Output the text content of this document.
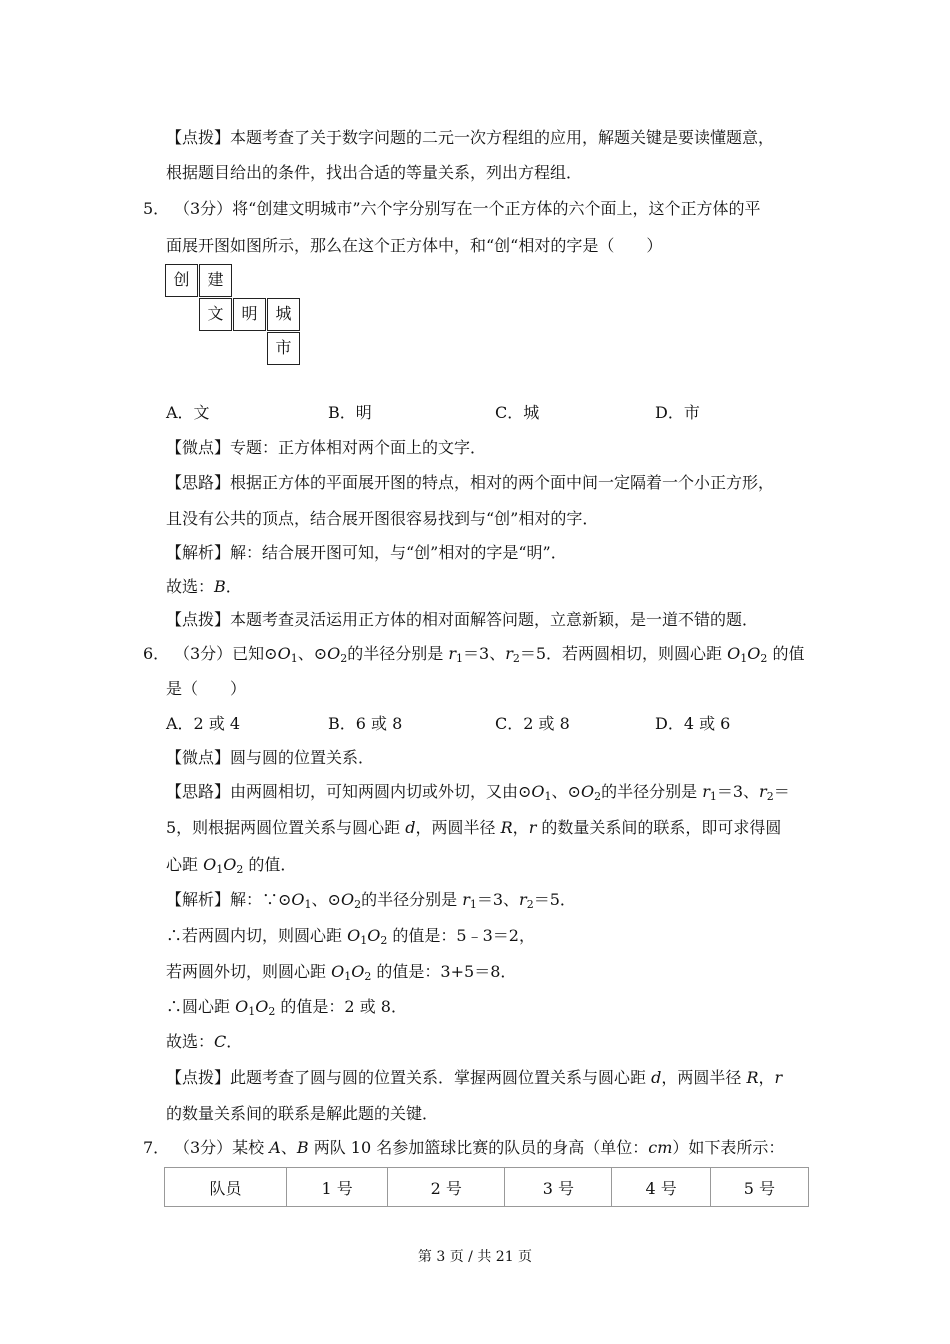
【点拨】本题考查了关于数字问题的二元一次方程组的应用，解题关键是要读懂题意，
根据题目给出的条件，找出合适的等量关系，列出方程组．
5． （3分）将“创建文明城市”六个字分别写在一个正方体的六个面上，这个正方体的平
面展开图如图所示，那么在这个正方体中，和“创“相对的字是（　　）
创	建
文	明	城
市
A．文	B．明	C．城	D．市
【微点】专题：正方体相对两个面上的文字．
【思路】根据正方体的平面展开图的特点，相对的两个面中间一定隔着一个小正方形，
且没有公共的顶点，结合展开图很容易找到与“创”相对的字．
【解析】解：结合展开图可知，与“创”相对的字是“明”．
故选：B．
【点拨】本题考查灵活运用正方体的相对面解答问题，立意新颖，是一道不错的题．
6． （3分）已知$⊙O_1$、$⊙O_2$的半径分别是 $r_1=3$、$r_2=5$．若两圆相切，则圆心距 $O_1O_2$ 的值
是（　　）
A．2 或 4	B．6 或 8	C．2 或 8	D．4 或 6
【微点】圆与圆的位置关系．
【思路】由两圆相切，可知两圆内切或外切，又由$⊙O_1$、$⊙O_2$的半径分别是 $r_1=3$、$r_2=$
5，则根据两圆位置关系与圆心距 d，两圆半径 R，r 的数量关系间的联系，即可求得圆
心距 $O_1O_2$ 的值．
【解析】解：$\because⊙O_1$、$⊙O_2$的半径分别是 $r_1=3$、$r_2=5$．
∴若两圆内切，则圆心距 $O_1O_2$ 的值是：5﹣3＝2，
若两圆外切，则圆心距 $O_1O_2$ 的值是：3+5＝8．
∴圆心距 $O_1O_2$ 的值是：2 或 8．
故选：C．
【点拨】此题考查了圆与圆的位置关系．掌握两圆位置关系与圆心距 d，两圆半径 R，r
的数量关系间的联系是解此题的关键．
7． （3分）某校 A、B 两队 10 名参加篮球比赛的队员的身高（单位：cm）如下表所示：
队员	1 号	2 号	3 号	4 号	5 号
第 3 页 / 共 21 页
